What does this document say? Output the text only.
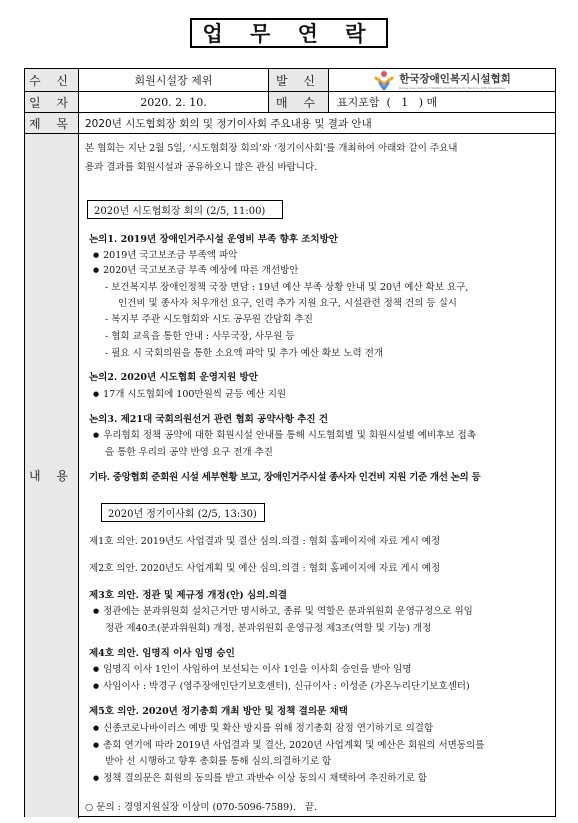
업 무 연 락
수 신	회원시설장 제위	발 신	한국장애인복지시설협회
Korea Association of Welfare Institutions for Persons with Disabilities
일 자	2020. 2. 10.	매 수	표지포함  (   1   ) 매
제 목	2020년 시도협회장 회의 및 정기이사회 주요내용 및 결과 안내
내 용
본 협회는 지난 2월 5일, ‘시도협회장 회의’와 ‘정기이사회’를 개최하여 아래와 같이 주요내
용과 결과를 회원시설과 공유하오니 많은 관심 바랍니다.
2020년 시도협회장 회의 (2/5, 11:00)
논의1. 2019년 장애인거주시설 운영비 부족 향후 조치방안
● 2019년 국고보조금 부족액 파악
● 2020년 국고보조금 부족 예상에 따른 개선방안
- 보건복지부 장애인정책 국장 면담 : 19년 예산 부족 상황 안내 및 20년 예산 확보 요구,
인건비 및 종사자 처우개선 요구, 인력 추가 지원 요구, 시설관련 정책 건의 등 실시
- 복지부 주관 시도협회와 시도 공무원 간담회 추진
- 협회 교육을 통한 안내 : 사무국장, 사무원 등
- 필요 시 국회의원을 통한 소요액 파악 및 추가 예산 확보 노력 전개
논의2. 2020년 시도협회 운영지원 방안
● 17개 시도협회에 100만원씩 균등 예산 지원
논의3. 제21대 국회의원선거 관련 협회 공약사항 추진 건
● 우리협회 정책 공약에 대한 회원시설 안내를 통해 시도협회별 및 회원시설별 예비후보 접촉
을 통한 우리의 공약 반영 요구 전개 추진
기타. 중앙협회 준회원 시설 세부현황 보고, 장애인거주시설 종사자 인건비 지원 기준 개선 논의 등
2020년 정기이사회 (2/5, 13:30)
제1호 의안. 2019년도 사업결과 및 결산 심의․의결 : 협회 홈페이지에 자료 게시 예정
제2호 의안. 2020년도 사업계획 및 예산 심의․의결 : 협회 홈페이지에 자료 게시 예정
제3호 의안. 정관 및 제규정 개정(안) 심의․의결
● 정관에는 분과위원회 설치근거만 명시하고, 종류 및 역할은 분과위원회 운영규정으로 위임
정관 제40조(분과위원회) 개정, 분과위원회 운영규정 제3조(역할 및 기능) 개정
제4호 의안. 임명직 이사 임명 승인
● 임명직 이사 1인이 사임하여 보선되는 이사 1인을 이사회 승인을 받아 임명
● 사임이사 : 박경구 (영주장애인단기보호센터), 신규이사 : 이성준 (가온누리단기보호센터)
제5호 의안. 2020년 정기총회 개최 방안 및 정책 결의문 채택
● 신종코로나바이러스 예방 및 확산 방지를 위해 정기총회 잠정 연기하기로 의결함
● 총회 연기에 따라 2019년 사업결과 및 결산, 2020년 사업계획 및 예산은 회원의 서면동의를
받아 선 시행하고 향후 총회를 통해 심의․의결하기로 함
● 정책 결의문은 회원의 동의를 받고 과반수 이상 동의시 채택하여 추진하기로 함
○ 문의 : 경영지원실장 이상미 (070-5096-7589).   끝.
